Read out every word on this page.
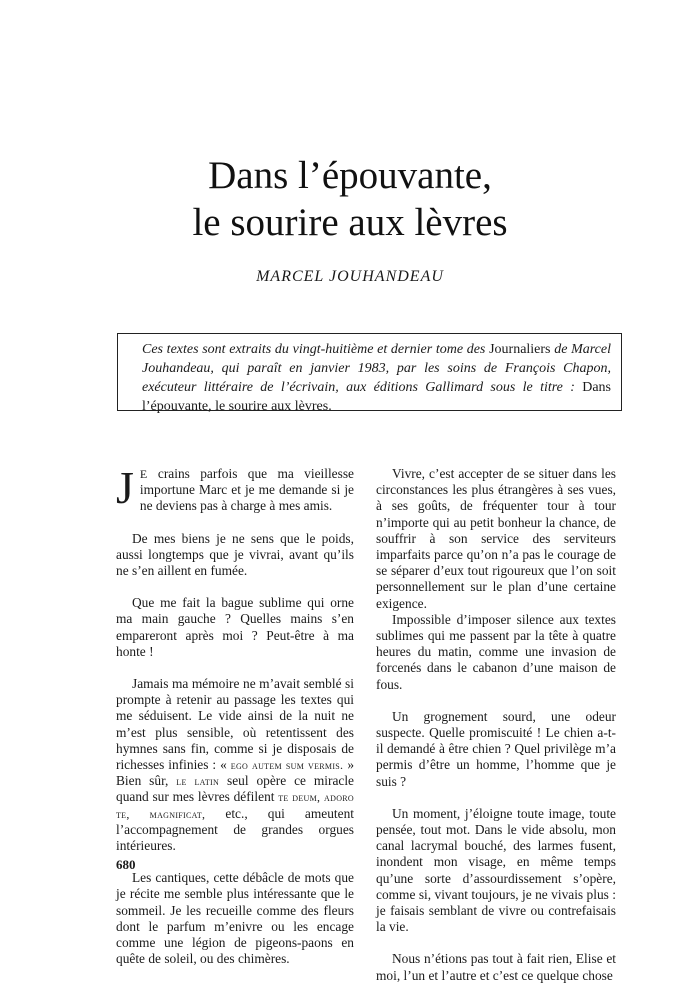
Dans l’épouvante,
le sourire aux lèvres
MARCEL JOUHANDEAU

Ces textes sont extraits du vingt-huitième et dernier tome des Journaliers de Marcel Jouhandeau, qui paraît en janvier 1983, par les soins de François Chapon, exécuteur littéraire de l’écrivain, aux éditions Gallimard sous le titre : Dans l’épouvante, le sourire aux lèvres.

J E crains parfois que ma vieillesse importune Marc et je me demande si je ne deviens pas à charge à mes amis.

De mes biens je ne sens que le poids, aussi longtemps que je vivrai, avant qu’ils ne s’en aillent en fumée.

Que me fait la bague sublime qui orne ma main gauche ? Quelles mains s’en empareront après moi ? Peut-être à ma honte !

Jamais ma mémoire ne m’avait semblé si prompte à retenir au passage les textes qui me séduisent. Le vide ainsi de la nuit ne m’est plus sensible, où retentissent des hymnes sans fin, comme si je disposais de richesses infinies : « ego autem sum vermis. » Bien sûr, le latin seul opère ce miracle quand sur mes lèvres défilent te deum, adoro te, magnificat, etc., qui ameutent l’accompagnement de grandes orgues intérieures.

Les cantiques, cette débâcle de mots que je récite me semble plus intéressante que le sommeil. Je les recueille comme des fleurs dont le parfum m’enivre ou les encage comme une légion de pigeons-paons en quête de soleil, ou des chimères.

Vivre, c’est accepter de se situer dans les circonstances les plus étrangères à ses vues, à ses goûts, de fréquenter tour à tour n’importe qui au petit bonheur la chance, de souffrir à son service des serviteurs imparfaits parce qu’on n’a pas le courage de se séparer d’eux tout rigoureux que l’on soit personnellement sur le plan d’une certaine exigence.

Impossible d’imposer silence aux textes sublimes qui me passent par la tête à quatre heures du matin, comme une invasion de forcenés dans le cabanon d’une maison de fous.

Un grognement sourd, une odeur suspecte. Quelle promiscuité ! Le chien a-t-il demandé à être chien ? Quel privilège m’a permis d’être un homme, l’homme que je suis ?

Un moment, j’éloigne toute image, toute pensée, tout mot. Dans le vide absolu, mon canal lacrymal bouché, des larmes fusent, inondent mon visage, en même temps qu’une sorte d’assourdissement s’opère, comme si, vivant toujours, je ne vivais plus : je faisais semblant de vivre ou contrefaisais la vie.

Nous n’étions pas tout à fait rien, Elise et moi, l’un et l’autre et c’est ce quelque chose

680
